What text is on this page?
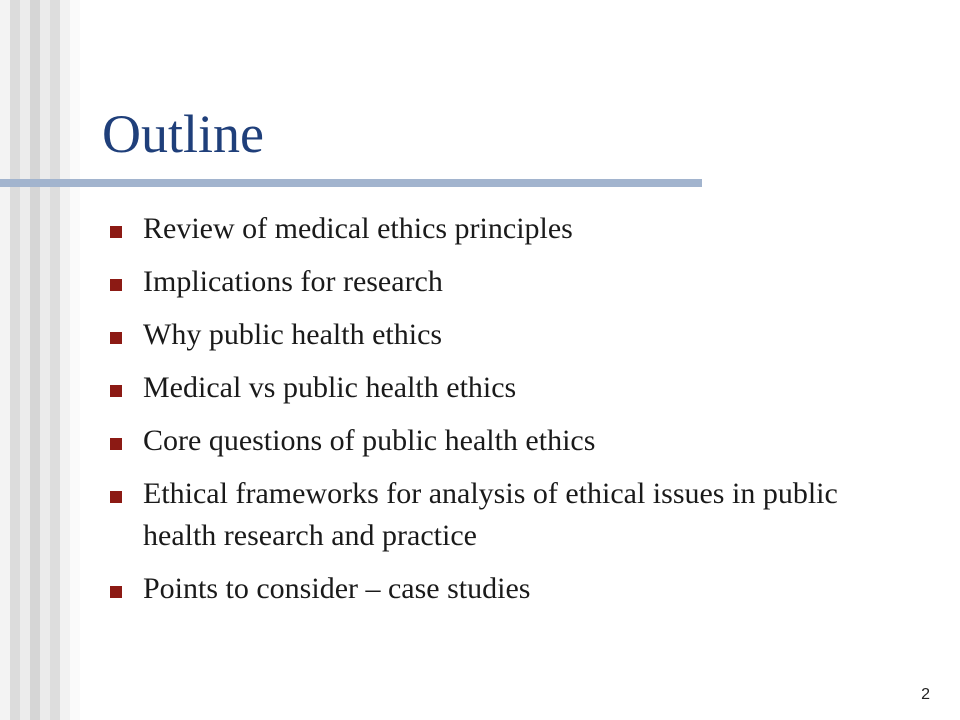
Outline
Review of medical ethics principles
Implications for research
Why public health ethics
Medical vs public health ethics
Core questions of public health ethics
Ethical frameworks for analysis of ethical issues in public health research and practice
Points to consider – case studies
2
